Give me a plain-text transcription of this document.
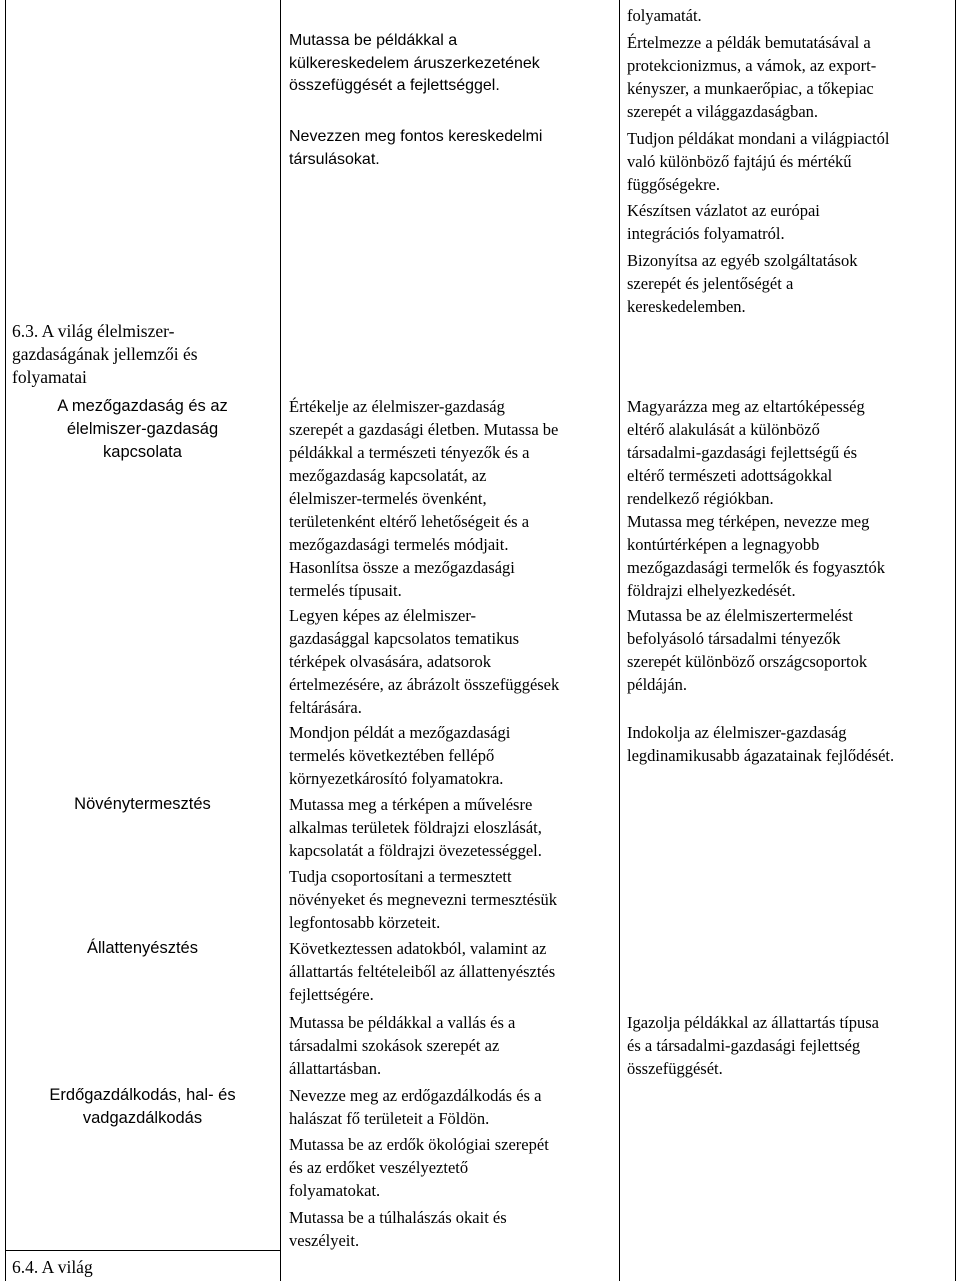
6.3. A világ élelmiszer-
gazdaságának jellemzői és
folyamatai
A mezőgazdaság és az
élelmiszer-gazdaság
kapcsolata
Növénytermesztés
Állattenyésztés
Erdőgazdálkodás, hal- és
vadgazdálkodás
6.4. A világ
Mutassa be példákkal a
külkereskedelem áruszerkezetének
összefüggését a fejlettséggel.
Nevezzen meg fontos kereskedelmi
társulásokat.
Értékelje az élelmiszer-gazdaság
szerepét a gazdasági életben. Mutassa be
példákkal a természeti tényezők és a
mezőgazdaság kapcsolatát, az
élelmiszer-termelés övenként,
területenként eltérő lehetőségeit és a
mezőgazdasági termelés módjait.
Hasonlítsa össze a mezőgazdasági
termelés típusait.
Legyen képes az élelmiszer-
gazdasággal kapcsolatos tematikus
térképek olvasására, adatsorok
értelmezésére, az ábrázolt összefüggések
feltárására.
Mondjon példát a mezőgazdasági
termelés következtében fellépő
környezetkárosító folyamatokra.
Mutassa meg a térképen a művelésre
alkalmas területek földrajzi eloszlását,
kapcsolatát a földrajzi övezetességgel.
Tudja csoportosítani a termesztett
növényeket és megnevezni termesztésük
legfontosabb körzeteit.
Következtessen adatokból, valamint az
állattartás feltételeiből az állattenyésztés
fejlettségére.
Mutassa be példákkal a vallás és a
társadalmi szokások szerepét az
állattartásban.
Nevezze meg az erdőgazdálkodás és a
halászat fő területeit a Földön.
Mutassa be az erdők ökológiai szerepét
és az erdőket veszélyeztető
folyamatokat.
Mutassa be a túlhalászás okait és
veszélyeit.
folyamatát.
Értelmezze a példák bemutatásával a
protekcionizmus, a vámok, az export-
kényszer, a munkaerőpiac, a tőkepiac
szerepét a világgazdaságban.
Tudjon példákat mondani a világpiactól
való különböző fajtájú és mértékű
függőségekre.
Készítsen vázlatot az európai
integrációs folyamatról.
Bizonyítsa az egyéb szolgáltatások
szerepét és jelentőségét a
kereskedelemben.
Magyarázza meg az eltartóképesség
eltérő alakulását a különböző
társadalmi-gazdasági fejlettségű és
eltérő természeti adottságokkal
rendelkező régiókban.
Mutassa meg térképen, nevezze meg
kontúrtérképen a legnagyobb
mezőgazdasági termelők és fogyasztók
földrajzi elhelyezkedését.
Mutassa be az élelmiszertermelést
befolyásoló társadalmi tényezők
szerepét különböző országcsoportok
példáján.
Indokolja az élelmiszer-gazdaság
legdinamikusabb ágazatainak fejlődését.
Igazolja példákkal az állattartás típusa
és a társadalmi-gazdasági fejlettség
összefüggését.
